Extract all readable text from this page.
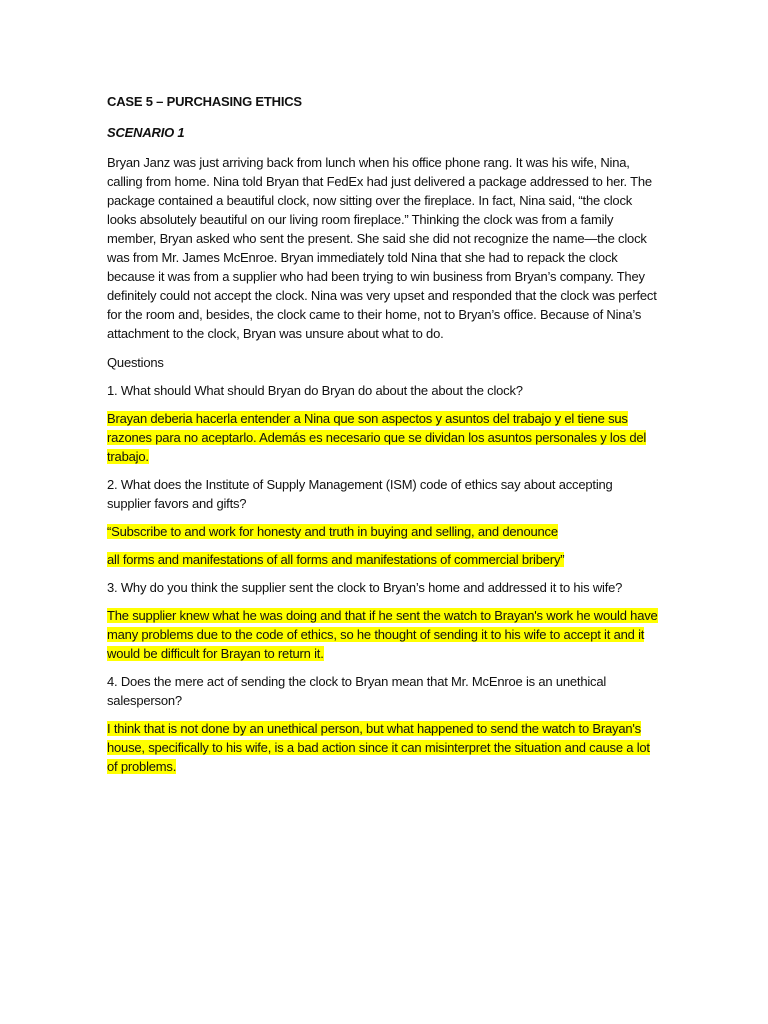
CASE 5 – PURCHASING ETHICS
SCENARIO 1
Bryan Janz was just arriving back from lunch when his office phone rang. It was his wife, Nina, calling from home. Nina told Bryan that FedEx had just delivered a package addressed to her. The package contained a beautiful clock, now sitting over the fireplace. In fact, Nina said, “the clock looks absolutely beautiful on our living room fireplace.” Thinking the clock was from a family member, Bryan asked who sent the present. She said she did not recognize the name—the clock was from Mr. James McEnroe. Bryan immediately told Nina that she had to repack the clock because it was from a supplier who had been trying to win business from Bryan’s company. They definitely could not accept the clock. Nina was very upset and responded that the clock was perfect for the room and, besides, the clock came to their home, not to Bryan’s office. Because of Nina’s attachment to the clock, Bryan was unsure about what to do.
Questions
1. What should What should Bryan do Bryan do about the about the clock?
Brayan deberia hacerla entender a Nina que son aspectos y asuntos del trabajo y el tiene sus razones para no aceptarlo. Además es necesario que se dividan los asuntos personales y los del trabajo.
2. What does the Institute of Supply Management (ISM) code of ethics say about accepting supplier favors and gifts?
“Subscribe to and work for honesty and truth in buying and selling, and denounce
all forms and manifestations of all forms and manifestations of commercial bribery”
3. Why do you think the supplier sent the clock to Bryan’s home and addressed it to his wife?
The supplier knew what he was doing and that if he sent the watch to Brayan's work he would have many problems due to the code of ethics, so he thought of sending it to his wife to accept it and it would be difficult for Brayan to return it.
4. Does the mere act of sending the clock to Bryan mean that Mr. McEnroe is an unethical salesperson?
I think that is not done by an unethical person, but what happened to send the watch to Brayan's house, specifically to his wife, is a bad action since it can misinterpret the situation and cause a lot of problems.
